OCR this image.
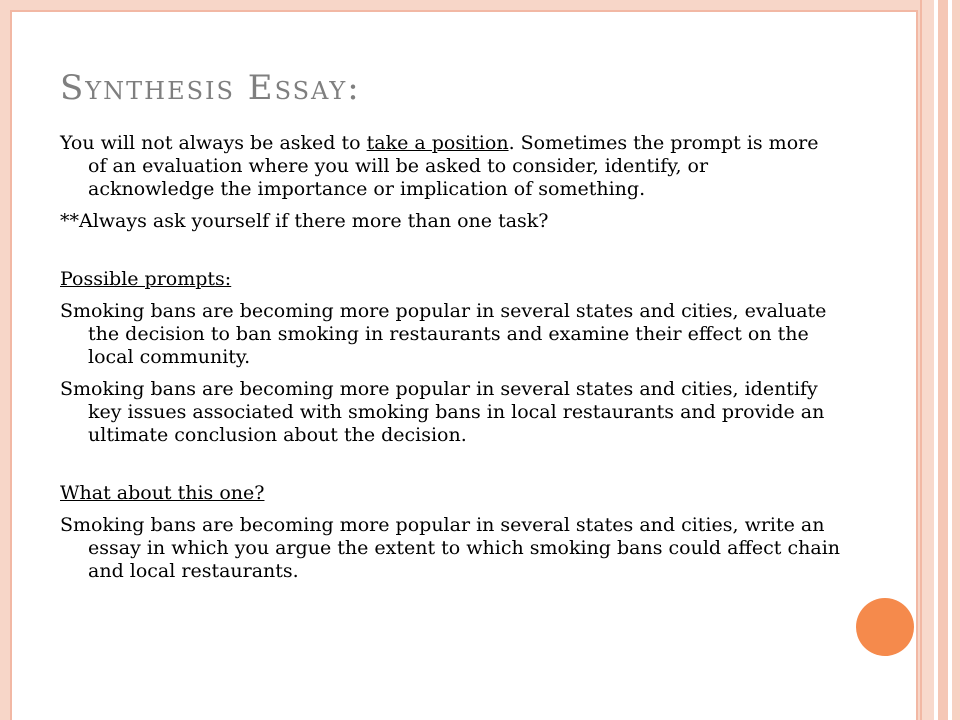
Synthesis Essay:

You will not always be asked to take a position. Sometimes the prompt is more of an evaluation where you will be asked to consider, identify, or acknowledge the importance or implication of something.

**Always ask yourself if there more than one task?

Possible prompts:

Smoking bans are becoming more popular in several states and cities, evaluate the decision to ban smoking in restaurants and examine their effect on the local community.

Smoking bans are becoming more popular in several states and cities, identify key issues associated with smoking bans in local restaurants and provide an ultimate conclusion about the decision.

What about this one?

Smoking bans are becoming more popular in several states and cities, write an essay in which you argue the extent to which smoking bans could affect chain and local restaurants.
